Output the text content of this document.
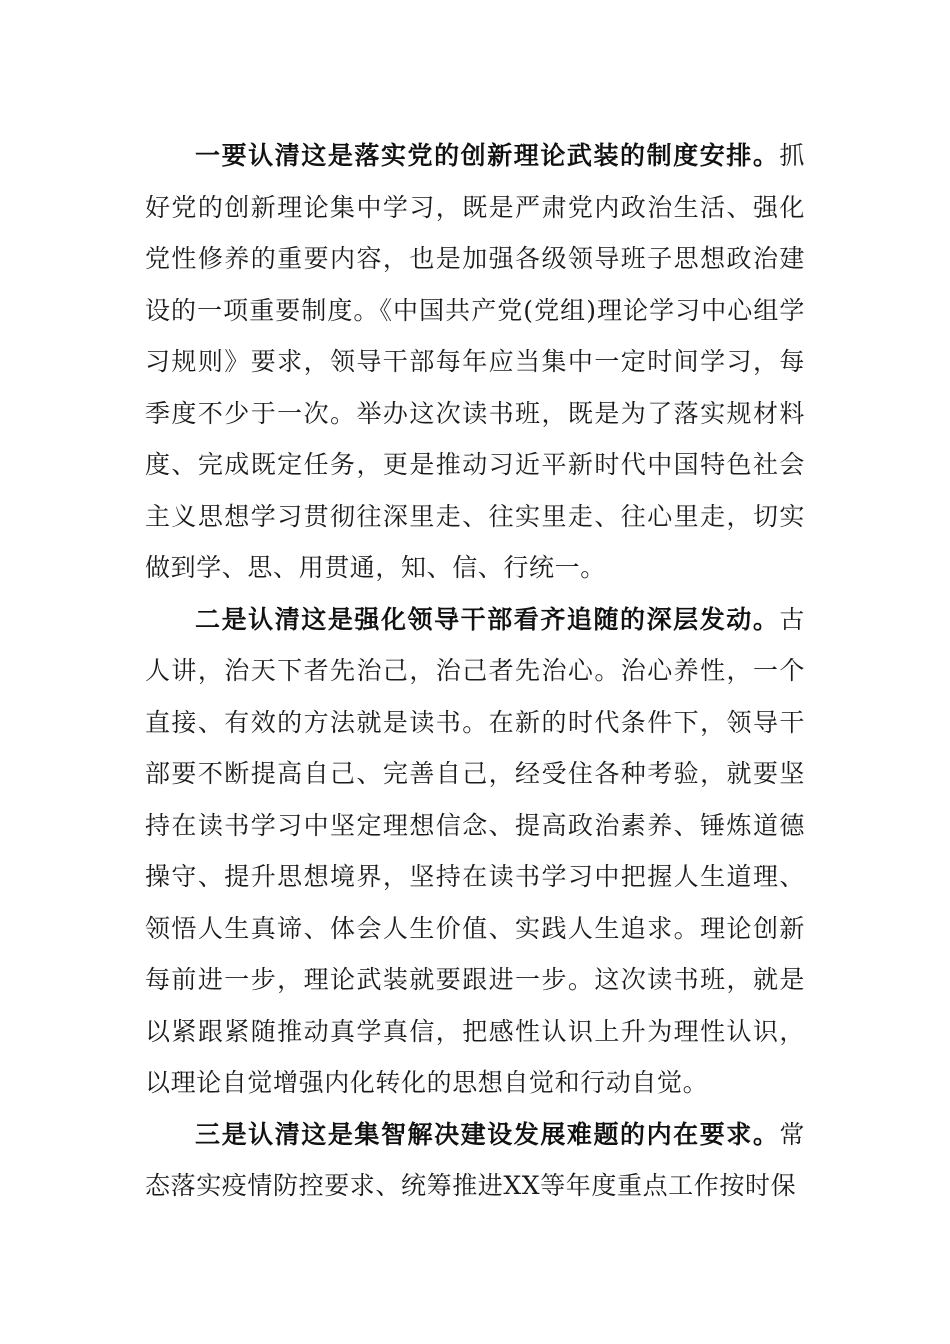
一要认清这是落实党的创新理论武装的制度安排。抓好党的创新理论集中学习，既是严肃党内政治生活、强化党性修养的重要内容，也是加强各级领导班子思想政治建设的一项重要制度。《中国共产党(党组)理论学习中心组学习规则》要求，领导干部每年应当集中一定时间学习，每季度不少于一次。举办这次读书班，既是为了落实规材料度、完成既定任务，更是推动习近平新时代中国特色社会主义思想学习贯彻往深里走、往实里走、往心里走，切实做到学、思、用贯通，知、信、行统一。

二是认清这是强化领导干部看齐追随的深层发动。古人讲，治天下者先治己，治己者先治心。治心养性，一个直接、有效的方法就是读书。在新的时代条件下，领导干部要不断提高自己、完善自己，经受住各种考验，就要坚持在读书学习中坚定理想信念、提高政治素养、锤炼道德操守、提升思想境界，坚持在读书学习中把握人生道理、领悟人生真谛、体会人生价值、实践人生追求。理论创新每前进一步，理论武装就要跟进一步。这次读书班，就是以紧跟紧随推动真学真信，把感性认识上升为理性认识，以理论自觉增强内化转化的思想自觉和行动自觉。

三是认清这是集智解决建设发展难题的内在要求。常态落实疫情防控要求、统筹推进XX等年度重点工作按时保
